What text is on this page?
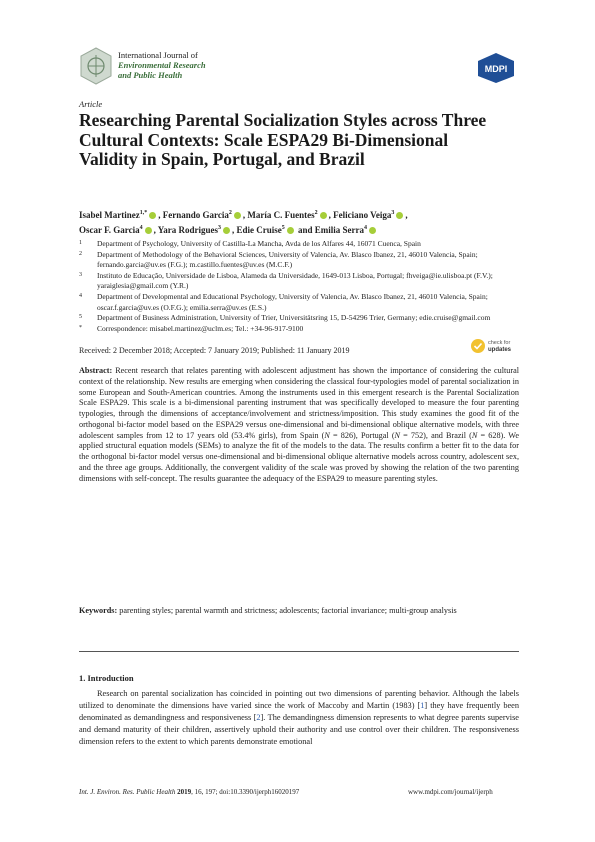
International Journal of
Environmental Research
and Public Health
MDPI
Article
Researching Parental Socialization Styles across Three Cultural Contexts: Scale ESPA29 Bi-Dimensional Validity in Spain, Portugal, and Brazil
Isabel Martinez$^{1,*}$ , Fernando Garcia$^2$ , María C. Fuentes$^2$ , Feliciano Veiga$^3$ ,
Oscar F. Garcia$^4$ , Yara Rodrigues$^3$ , Edie Cruise$^5$ and Emilia Serra$^4$
1 Department of Psychology, University of Castilla-La Mancha, Avda de los Alfares 44, 16071 Cuenca, Spain
2 Department of Methodology of the Behavioral Sciences, University of Valencia, Av. Blasco Ibanez, 21, 46010 Valencia, Spain; fernando.garcia@uv.es (F.G.); m.castillo.fuentes@uv.es (M.C.F.)
3 Instituto de Educação, Universidade de Lisboa, Alameda da Universidade, 1649-013 Lisboa, Portugal; fhveiga@ie.ulisboa.pt (F.V.); yaraiglesia@gmail.com (Y.R.)
4 Department of Developmental and Educational Psychology, University of Valencia, Av. Blasco Ibanez, 21, 46010 Valencia, Spain; oscar.f.garcia@uv.es (O.F.G.); emilia.serra@uv.es (E.S.)
5 Department of Business Administration, University of Trier, Universitätsring 15, D-54296 Trier, Germany; edie.cruise@gmail.com
* Correspondence: misabel.martinez@uclm.es; Tel.: +34-96-917-9100
check for
updates
Received: 2 December 2018; Accepted: 7 January 2019; Published: 11 January 2019
Abstract: Recent research that relates parenting with adolescent adjustment has shown the importance of considering the cultural context of the relationship. New results are emerging when considering the classical four-typologies model of parental socialization in some European and South-American countries. Among the instruments used in this emergent research is the Parental Socialization Scale ESPA29. This scale is a bi-dimensional parenting instrument that was specifically developed to measure the four parenting typologies, through the dimensions of acceptance/involvement and strictness/imposition. This study examines the good fit of the orthogonal bi-factor model based on the ESPA29 versus one-dimensional and bi-dimensional oblique alternative models, with three adolescent samples from 12 to 17 years old (53.4% girls), from Spain (N = 826), Portugal (N = 752), and Brazil (N = 628). We applied structural equation models (SEMs) to analyze the fit of the models to the data. The results confirm a better fit to the data for the orthogonal bi-factor model versus one-dimensional and bi-dimensional oblique alternative models across country, adolescent sex, and the three age groups. Additionally, the convergent validity of the scale was proved by showing the relation of the two parenting dimensions with self-concept. The results guarantee the adequacy of the ESPA29 to measure parenting styles.
Keywords: parenting styles; parental warmth and strictness; adolescents; factorial invariance; multi-group analysis
1. Introduction
Research on parental socialization has coincided in pointing out two dimensions of parenting behavior. Although the labels utilized to denominate the dimensions have varied since the work of Maccoby and Martin (1983) [1] they have frequently been denominated as demandingness and responsiveness [2]. The demandingness dimension represents to what degree parents supervise and demand maturity of their children, assertively uphold their authority and use control over their children. The responsiveness dimension refers to the extent to which parents demonstrate emotional
Int. J. Environ. Res. Public Health 2019, 16, 197; doi:10.3390/ijerph16020197	www.mdpi.com/journal/ijerph
